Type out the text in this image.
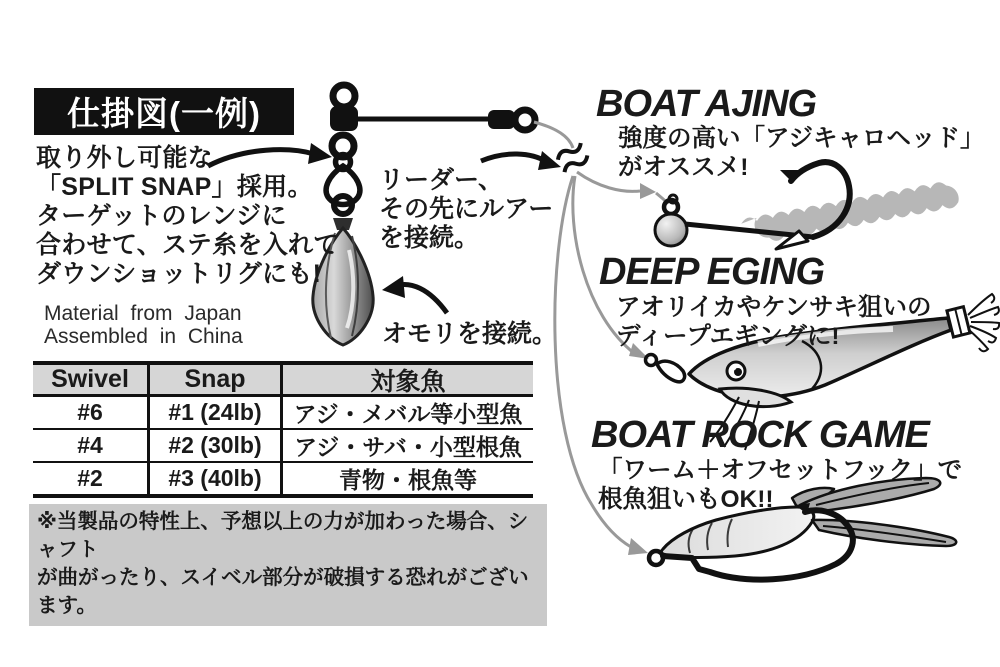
仕掛図(一例)
取り外し可能な
「SPLIT SNAP」採用。
ターゲットのレンジに
合わせて、ステ糸を入れて
ダウンショットリグにも!
リーダー、
その先にルアー
を接続。
オモリを接続。
Material from Japan
Assembled in China
Swivel	Snap	対象魚
#6	#1 (24lb)	アジ・メバル等小型魚
#4	#2 (30lb)	アジ・サバ・小型根魚
#2	#3 (40lb)	青物・根魚等
※当製品の特性上、予想以上の力が加わった場合、シャフト
が曲がったり、スイベル部分が破損する恐れがございます。
BOAT AJING
強度の高い「アジキャロヘッド」
がオススメ!
DEEP EGING
アオリイカやケンサキ狙いの
ディープエギングに!
BOAT ROCK GAME
「ワーム＋オフセットフック」で
根魚狙いもOK!!
